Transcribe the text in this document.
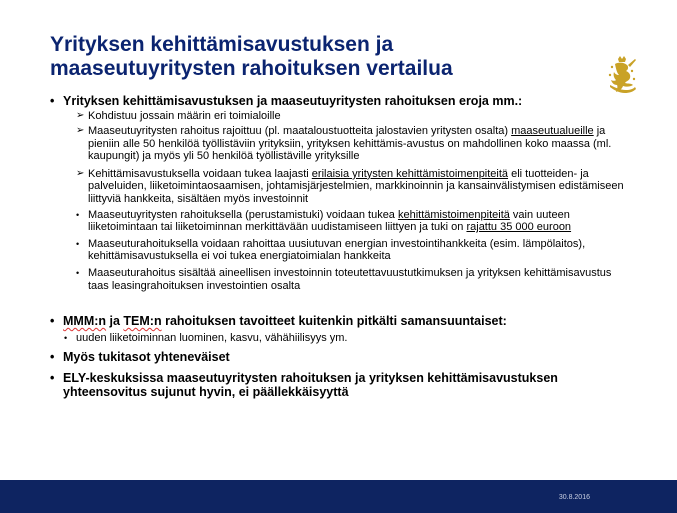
Yrityksen kehittämisavustuksen ja
maaseutuyritysten rahoituksen vertailua

• Yrityksen kehittämisavustuksen ja maaseutuyritysten rahoituksen eroja mm.:

➢ Kohdistuu jossain määrin eri toimialoille

➢ Maaseutuyritysten rahoitus rajoittuu (pl. maataloustuotteita jalostavien yritysten osalta) maaseutualueille ja pieniin alle 50 henkilöä työllistäviin yrityksiin, yrityksen kehittämis-avustus on mahdollinen koko maassa (ml. kaupungit) ja myös yli 50 henkilöä työllistäville yrityksille

➢ Kehittämisavustuksella voidaan tukea laajasti erilaisia yritysten kehittämistoimenpiteitä eli tuotteiden- ja palveluiden, liiketoimintaosaamisen, johtamisjärjestelmien, markkinoinnin ja kansainvälistymisen edistämiseen liittyviä hankkeita, sisältäen myös investoinnit

• Maaseutuyritysten rahoituksella (perustamistuki) voidaan tukea kehittämistoimenpiteitä vain uuteen liiketoimintaan tai liiketoiminnan merkittävään uudistamiseen liittyen ja tuki on rajattu 35 000 euroon

• Maaseuturahoituksella voidaan rahoittaa uusiutuvan energian investointihankkeita (esim. lämpölaitos), kehittämisavustuksella ei voi tukea energiatoimialan hankkeita

• Maaseuturahoitus sisältää aineellisen investoinnin toteutettavuustutkimuksen ja yrityksen kehittämisavustus taas leasingrahoituksen investointien osalta

• MMM:n ja TEM:n rahoituksen tavoitteet kuitenkin pitkälti samansuuntaiset:

• uuden liiketoiminnan luominen, kasvu, vähähiilisyys ym.

• Myös tukitasot yhteneväiset

• ELY-keskuksissa maaseutuyritysten rahoituksen ja yrityksen kehittämisavustuksen yhteensovitus sujunut hyvin, ei päällekkäisyyttä

30.8.2016
